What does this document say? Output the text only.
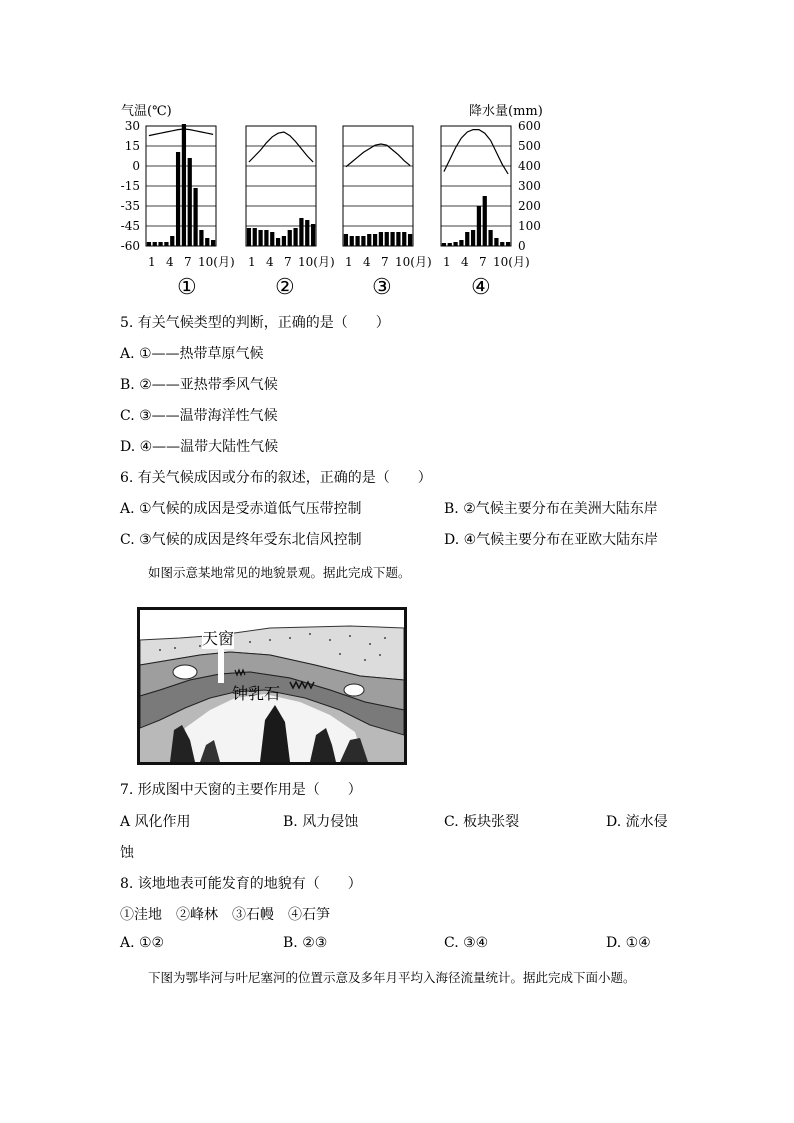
气温(℃)	降水量(mm)
30
15
0
-15
-35
-45
-60
600
500
400
300
200
100
0
1 4 7 10(月) 1 4 7 10(月) 1 4 7 10(月) 1 4 7 10(月)
①	②	③	④
5. 有关气候类型的判断，正确的是（　　）
A. ①——热带草原气候
B. ②——亚热带季风气候
C. ③——温带海洋性气候
D. ④——温带大陆性气候
6. 有关气候成因或分布的叙述，正确的是（　　）
A. ①气候的成因是受赤道低气压带控制	B. ②气候主要分布在美洲大陆东岸
C. ③气候的成因是终年受东北信风控制	D. ④气候主要分布在亚欧大陆东岸
如图示意某地常见的地貌景观。据此完成下题。
天窗
钟乳石
7. 形成图中天窗的主要作用是（　　）
A 风化作用	B. 风力侵蚀	C. 板块张裂	D. 流水侵
蚀
8. 该地地表可能发育的地貌有（　　）
①洼地　②峰林　③石幔　④石笋
A. ①②	B. ②③	C. ③④	D. ①④
下图为鄂毕河与叶尼塞河的位置示意及多年月平均入海径流量统计。据此完成下面小题。
